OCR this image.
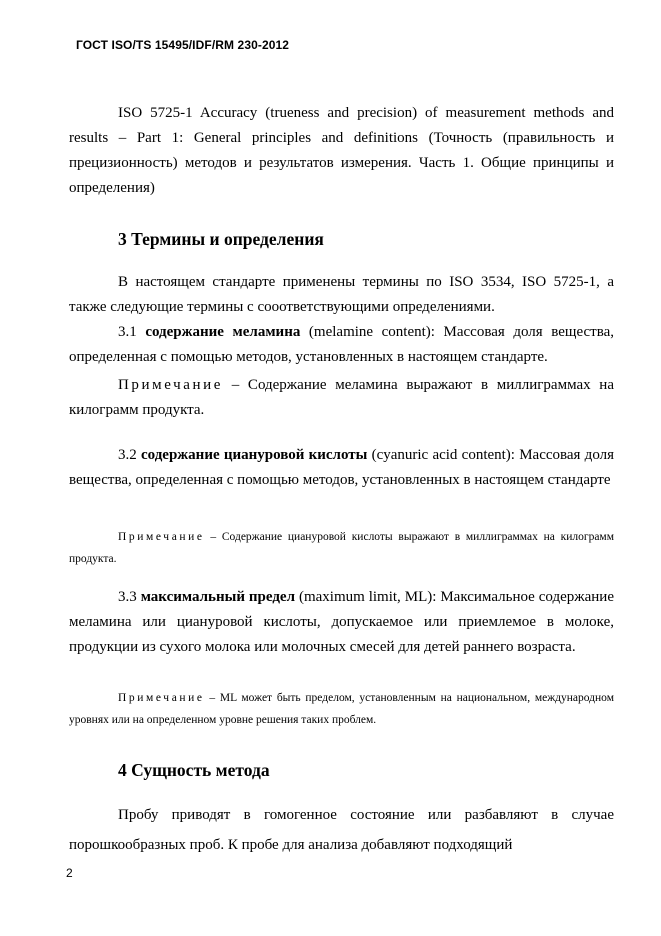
ГОСТ ISO/TS 15495/IDF/RM 230-2012
ISO 5725-1 Accuracy (trueness and precision) of measurement methods and results – Part 1: General principles and definitions (Точность (правильность и прецизионность) методов и результатов измерения. Часть 1. Общие принципы и определения)
3 Термины и определения
В настоящем стандарте применены термины по ISO 3534, ISO 5725-1, а также следующие термины с сооответствующими определениями.
3.1 содержание меламина (melamine content): Массовая доля вещества, определенная с помощью методов, установленных в настоящем стандарте.
Примечание – Содержание меламина выражают в миллиграммах на килограмм продукта.
3.2 содержание циануровой кислоты (cyanuric acid content): Массовая доля вещества, определенная с помощью методов, установленных в настоящем стандарте
Примечание – Содержание циануровой кислоты выражают в миллиграммах на килограмм продукта.
3.3 максимальный предел (maximum limit, ML): Максимальное содержание меламина или циануровой кислоты, допускаемое или приемлемое в молоке, продукции из сухого молока или молочных смесей для детей раннего возраста.
Примечание – ML может быть пределом, установленным на национальном, международном уровнях или на определенном уровне решения таких проблем.
4 Сущность метода
Пробу приводят в гомогенное состояние или разбавляют в случае порошкообразных проб. К пробе для анализа добавляют подходящий
2
